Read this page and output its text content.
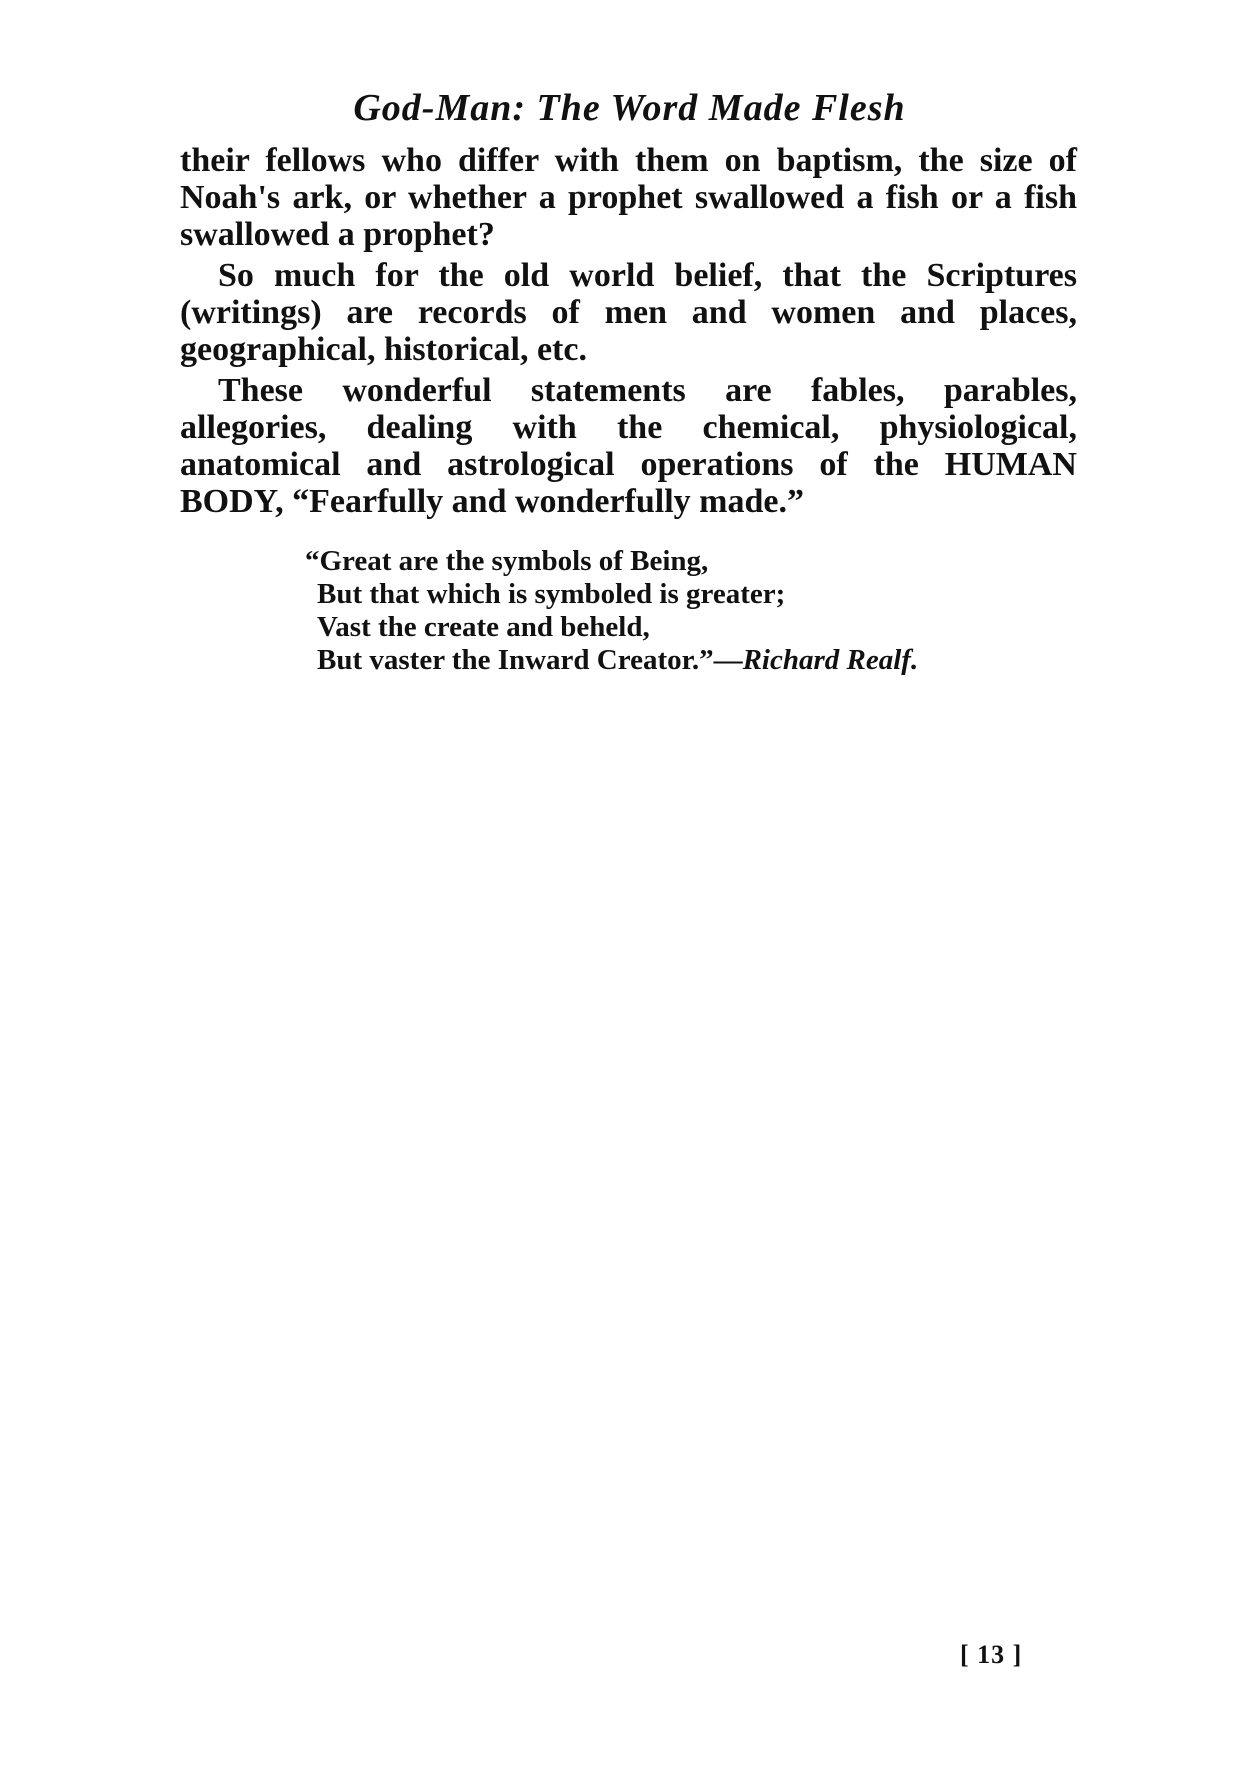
God-Man: The Word Made Flesh

their fellows who differ with them on baptism, the size of Noah's ark, or whether a prophet swallowed a fish or a fish swallowed a prophet?

So much for the old world belief, that the Scriptures (writings) are records of men and women and places, geographical, historical, etc.

These wonderful statements are fables, parables, allegories, dealing with the chemical, physiological, anatomical and astrological operations of the HUMAN BODY, “Fearfully and wonderfully made.”

“Great are the symbols of Being,
But that which is symboled is greater;
Vast the create and beheld,
But vaster the Inward Creator.”—Richard Realf.
[ 13 ]
